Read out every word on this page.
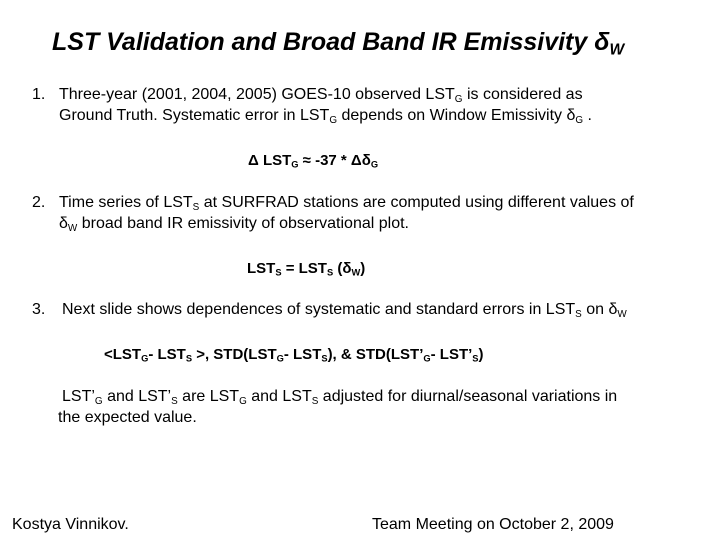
LST Validation and Broad Band IR Emissivity $\delta_W$
1. Three-year (2001, 2004, 2005) GOES-10 observed $LST_G$ is considered as
Ground Truth. Systematic error in $LST_G$ depends on Window Emissivity $\delta_G$ .
Δ $LST_G \approx -37 * \Delta\delta_G$
2. Time series of $LST_S$ at SURFRAD stations are computed using different values of
$\delta_W$ broad band IR emissivity of observational plot.
$LST_S = LST_S$ $(\delta_W)$
3. Next slide shows dependences of systematic and standard errors in $LST_S$ on $\delta_W$
$<LST_G-$ $LST_S$ >, $STD(LST_G-$ $LST_S$), & $STD(LST’_G-$ $LST’_S$)
$LST’_G$ and $LST’_S$ are $LST_G$ and $LST_S$ adjusted for diurnal/seasonal variations in
the expected value.
Kostya Vinnikov.	Team Meeting on October 2, 2009
